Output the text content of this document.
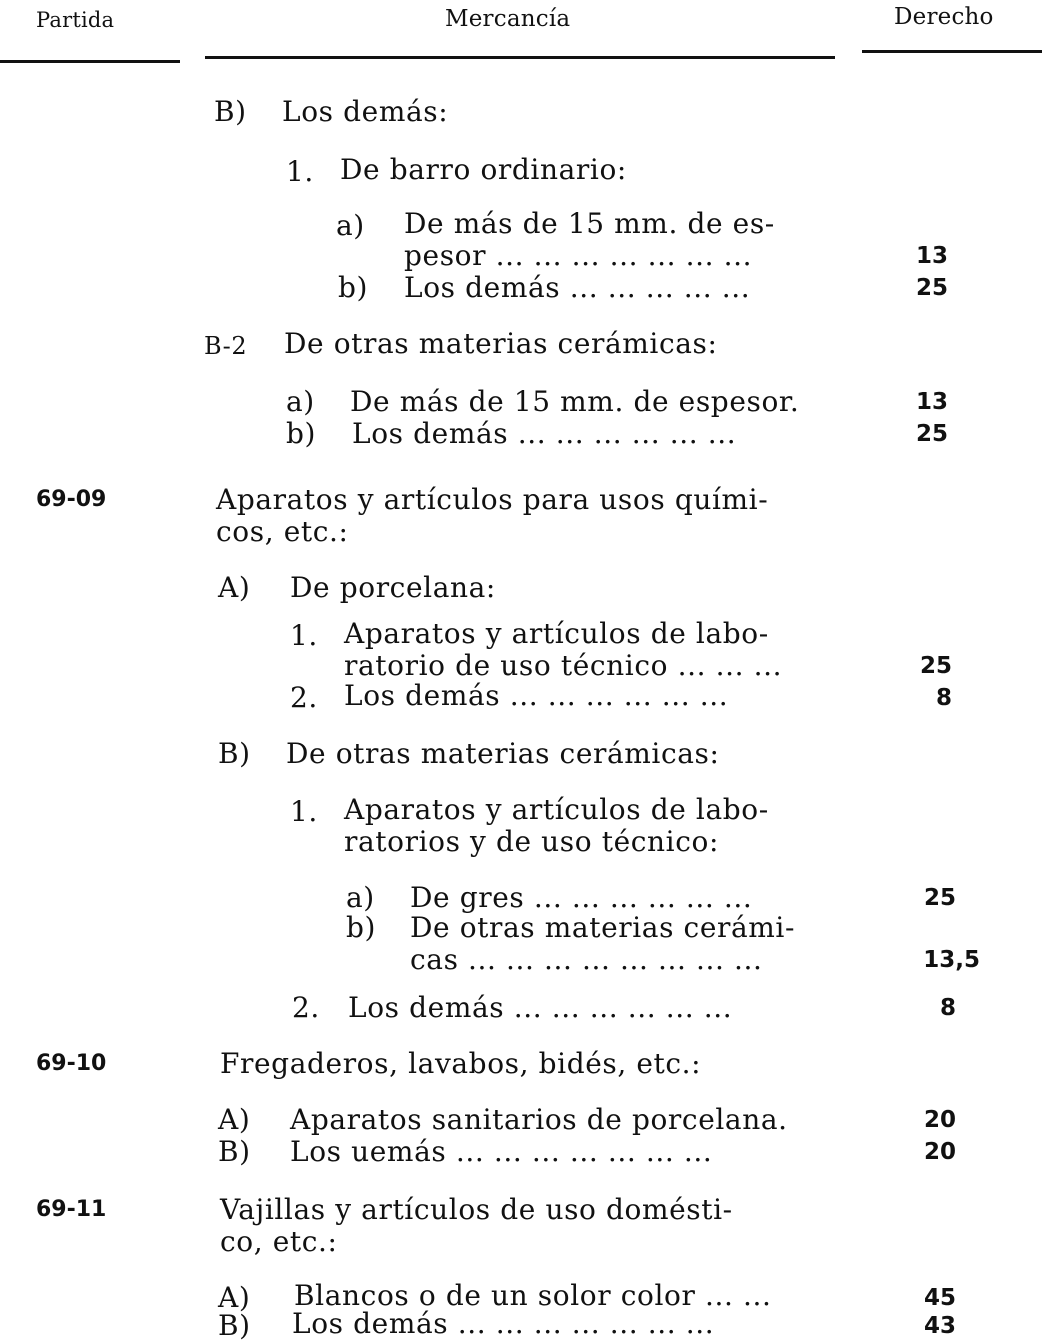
Partida	Mercancía	Derecho
B) Los demás:
1. De barro ordinario:
a) De más de 15 mm. de es-
pesor ... ... ... ... ... ... ...	13
b) Los demás ... ... ... ... ...	25
B-2 De otras materias cerámicas:
a) De más de 15 mm. de espesor.	13
b) Los demás ... ... ... ... ... ...	25
69-09	Aparatos y artículos para usos quími-
cos, etc.:
A) De porcelana:
1. Aparatos y artículos de labo-
ratorio de uso técnico ... ... ...	25
2. Los demás ... ... ... ... ... ...	8
B) De otras materias cerámicas:
1. Aparatos y artículos de labo-
ratorios y de uso técnico:
a) De gres ... ... ... ... ... ...	25
b) De otras materias cerámi-
cas ... ... ... ... ... ... ... ...	13,5
2. Los demás ... ... ... ... ... ...	8
69-10	Fregaderos, lavabos, bidés, etc.:
A) Aparatos sanitarios de porcelana.	20
B) Los uemás ... ... ... ... ... ... ...	20
69-11	Vajillas y artículos de uso domésti-
co, etc.:
A) Blancos o de un solor color ... ...	45
B) Los demás ... ... ... ... ... ... ...	43
